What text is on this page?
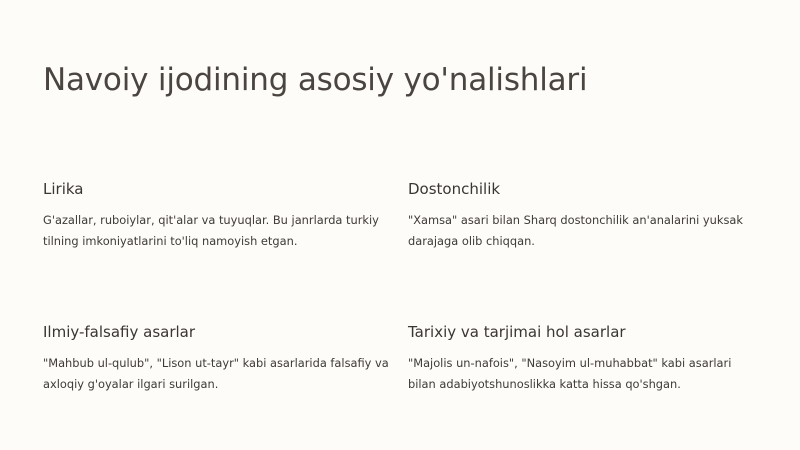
Navoiy ijodining asosiy yo'nalishlari
Lirika

G'azallar, ruboiylar, qit'alar va tuyuqlar. Bu janrlarda turkiy tilning imkoniyatlarini to'liq namoyish etgan.

Dostonchilik

"Xamsa" asari bilan Sharq dostonchilik an'analarini yuksak darajaga olib chiqqan.

Ilmiy-falsafiy asarlar

"Mahbub ul-qulub", "Lison ut-tayr" kabi asarlarida falsafiy va axloqiy g'oyalar ilgari surilgan.

Tarixiy va tarjimai hol asarlar

"Majolis un-nafois", "Nasoyim ul-muhabbat" kabi asarlari bilan adabiyotshunoslikka katta hissa qo'shgan.
